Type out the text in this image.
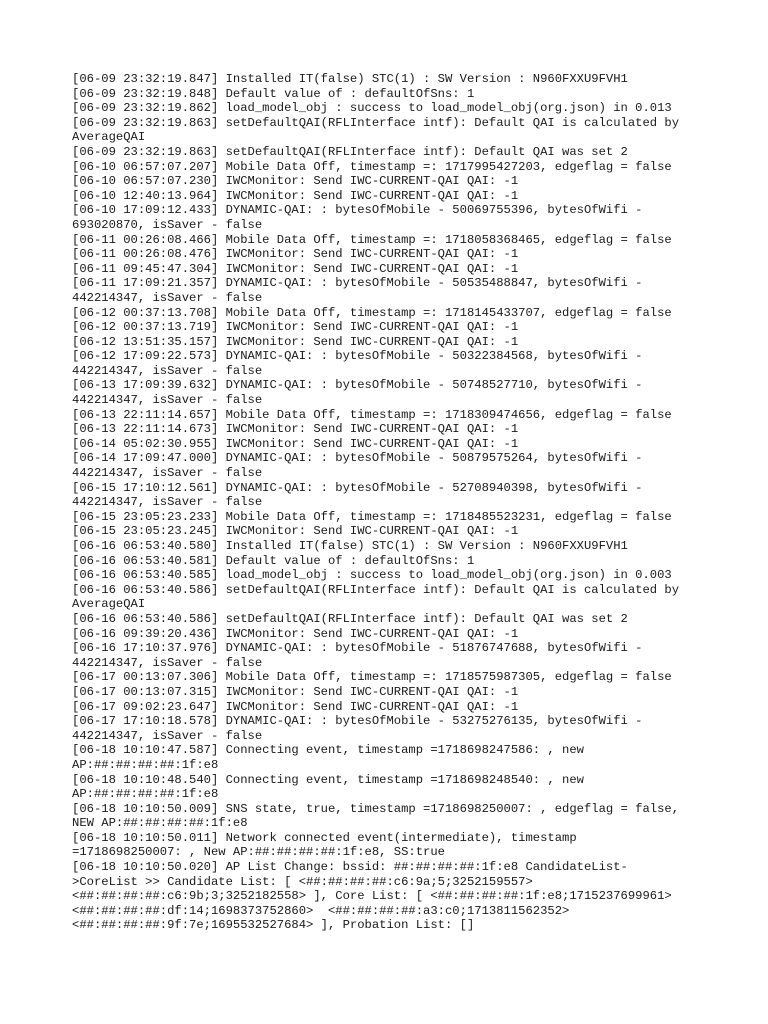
[06-09 23:32:19.847] Installed IT(false) STC(1) : SW Version : N960FXXU9FVH1
[06-09 23:32:19.848] Default value of : defaultOfSns: 1
[06-09 23:32:19.862] load_model_obj : success to load_model_obj(org.json) in 0.013
[06-09 23:32:19.863] setDefaultQAI(RFLInterface intf): Default QAI is calculated by
AverageQAI
[06-09 23:32:19.863] setDefaultQAI(RFLInterface intf): Default QAI was set 2
[06-10 06:57:07.207] Mobile Data Off, timestamp =: 1717995427203, edgeflag = false
[06-10 06:57:07.230] IWCMonitor: Send IWC-CURRENT-QAI QAI: -1
[06-10 12:40:13.964] IWCMonitor: Send IWC-CURRENT-QAI QAI: -1
[06-10 17:09:12.433] DYNAMIC-QAI: : bytesOfMobile - 50069755396, bytesOfWifi -
693020870, isSaver - false
[06-11 00:26:08.466] Mobile Data Off, timestamp =: 1718058368465, edgeflag = false
[06-11 00:26:08.476] IWCMonitor: Send IWC-CURRENT-QAI QAI: -1
[06-11 09:45:47.304] IWCMonitor: Send IWC-CURRENT-QAI QAI: -1
[06-11 17:09:21.357] DYNAMIC-QAI: : bytesOfMobile - 50535488847, bytesOfWifi -
442214347, isSaver - false
[06-12 00:37:13.708] Mobile Data Off, timestamp =: 1718145433707, edgeflag = false
[06-12 00:37:13.719] IWCMonitor: Send IWC-CURRENT-QAI QAI: -1
[06-12 13:51:35.157] IWCMonitor: Send IWC-CURRENT-QAI QAI: -1
[06-12 17:09:22.573] DYNAMIC-QAI: : bytesOfMobile - 50322384568, bytesOfWifi -
442214347, isSaver - false
[06-13 17:09:39.632] DYNAMIC-QAI: : bytesOfMobile - 50748527710, bytesOfWifi -
442214347, isSaver - false
[06-13 22:11:14.657] Mobile Data Off, timestamp =: 1718309474656, edgeflag = false
[06-13 22:11:14.673] IWCMonitor: Send IWC-CURRENT-QAI QAI: -1
[06-14 05:02:30.955] IWCMonitor: Send IWC-CURRENT-QAI QAI: -1
[06-14 17:09:47.000] DYNAMIC-QAI: : bytesOfMobile - 50879575264, bytesOfWifi -
442214347, isSaver - false
[06-15 17:10:12.561] DYNAMIC-QAI: : bytesOfMobile - 52708940398, bytesOfWifi -
442214347, isSaver - false
[06-15 23:05:23.233] Mobile Data Off, timestamp =: 1718485523231, edgeflag = false
[06-15 23:05:23.245] IWCMonitor: Send IWC-CURRENT-QAI QAI: -1
[06-16 06:53:40.580] Installed IT(false) STC(1) : SW Version : N960FXXU9FVH1
[06-16 06:53:40.581] Default value of : defaultOfSns: 1
[06-16 06:53:40.585] load_model_obj : success to load_model_obj(org.json) in 0.003
[06-16 06:53:40.586] setDefaultQAI(RFLInterface intf): Default QAI is calculated by
AverageQAI
[06-16 06:53:40.586] setDefaultQAI(RFLInterface intf): Default QAI was set 2
[06-16 09:39:20.436] IWCMonitor: Send IWC-CURRENT-QAI QAI: -1
[06-16 17:10:37.976] DYNAMIC-QAI: : bytesOfMobile - 51876747688, bytesOfWifi -
442214347, isSaver - false
[06-17 00:13:07.306] Mobile Data Off, timestamp =: 1718575987305, edgeflag = false
[06-17 00:13:07.315] IWCMonitor: Send IWC-CURRENT-QAI QAI: -1
[06-17 09:02:23.647] IWCMonitor: Send IWC-CURRENT-QAI QAI: -1
[06-17 17:10:18.578] DYNAMIC-QAI: : bytesOfMobile - 53275276135, bytesOfWifi -
442214347, isSaver - false
[06-18 10:10:47.587] Connecting event, timestamp =1718698247586: , new
AP:##:##:##:##:1f:e8
[06-18 10:10:48.540] Connecting event, timestamp =1718698248540: , new
AP:##:##:##:##:1f:e8
[06-18 10:10:50.009] SNS state, true, timestamp =1718698250007: , edgeflag = false,
NEW AP:##:##:##:##:1f:e8
[06-18 10:10:50.011] Network connected event(intermediate), timestamp
=1718698250007: , New AP:##:##:##:##:1f:e8, SS:true
[06-18 10:10:50.020] AP List Change: bssid: ##:##:##:##:1f:e8 CandidateList-
>CoreList >> Candidate List: [ <##:##:##:##:c6:9a;5;3252159557>
<##:##:##:##:c6:9b;3;3252182558> ], Core List: [ <##:##:##:##:1f:e8;1715237699961>
<##:##:##:##:df:14;1698373752860>  <##:##:##:##:a3:c0;1713811562352>
<##:##:##:##:9f:7e;1695532527684> ], Probation List: []
